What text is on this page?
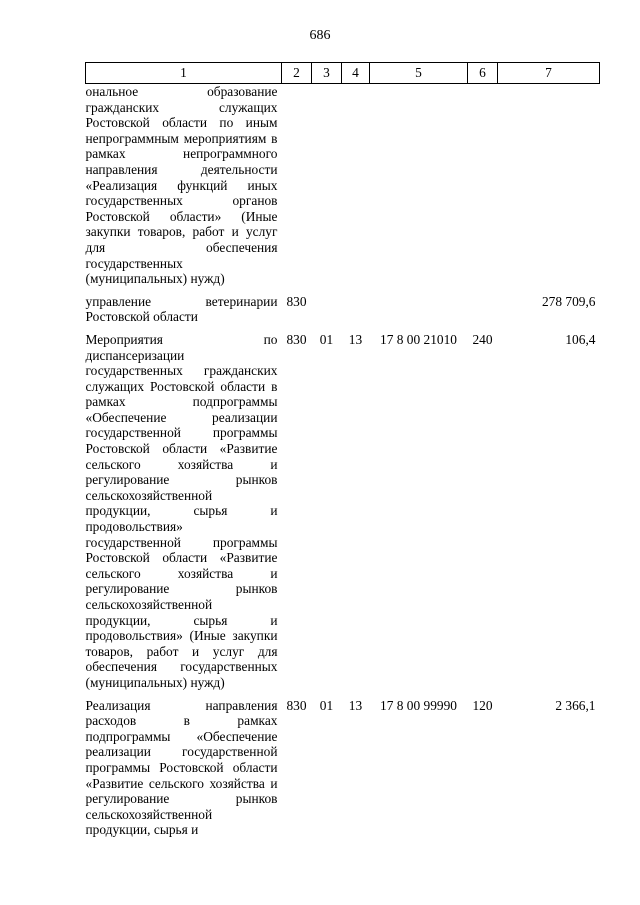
686
1	2	3	4	5	6	7
ональное образование гражданских служащих Ростовской области по иным непрограммным мероприятиям в рамках непрограммного направления деятельности «Реализация функций иных государственных органов Ростовской области» (Иные закупки товаров, работ и услуг для обеспечения государственных (муниципальных) нужд)						
управление ветеринарии Ростовской области	830					278 709,6
Мероприятия по диспансеризации государственных гражданских служащих Ростовской области в рамках подпрограммы «Обеспечение реализации государственной программы Ростовской области «Развитие сельского хозяйства и регулирование рынков сельскохозяйственной продукции, сырья и продовольствия» государственной программы Ростовской области «Развитие сельского хозяйства и регулирование рынков сельскохозяйственной продукции, сырья и продовольствия» (Иные закупки товаров, работ и услуг для обеспечения государственных (муниципальных) нужд)	830	01	13	17 8 00 21010	240	106,4
Реализация направления расходов в рамках подпрограммы «Обеспечение реализации государственной программы Ростовской области «Развитие сельского хозяйства и регулирование рынков сельскохозяйственной продукции, сырья и	830	01	13	17 8 00 99990	120	2 366,1
